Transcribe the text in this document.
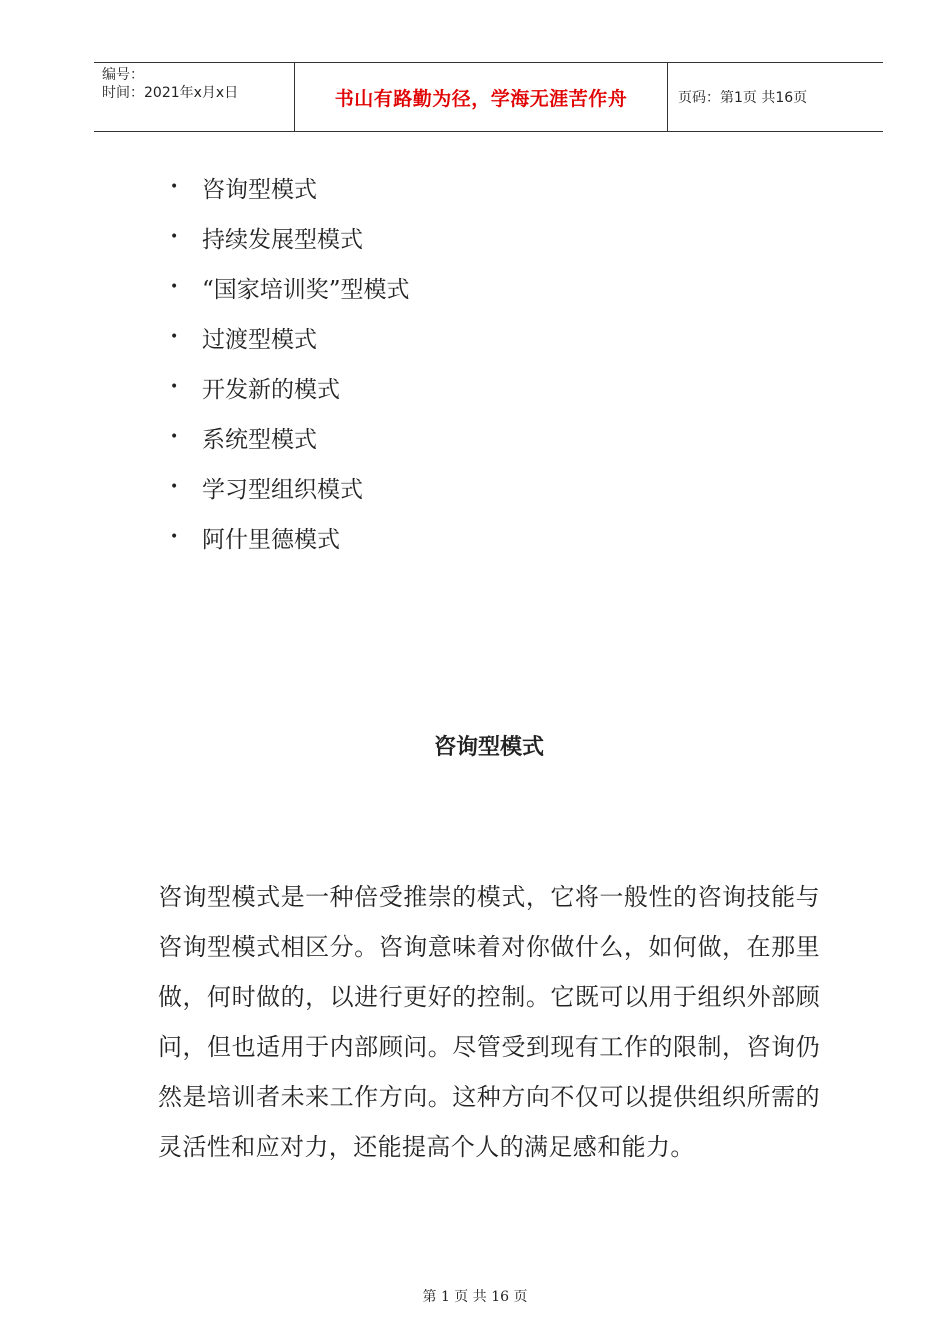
编号：
时间：2021年x月x日	书山有路勤为径，学海无涯苦作舟	页码：第1页 共16页
•	咨询型模式
•	持续发展型模式
•	“国家培训奖”型模式
•	过渡型模式
•	开发新的模式
•	系统型模式
•	学习型组织模式
•	阿什里德模式
咨询型模式
咨询型模式是一种倍受推崇的模式，它将一般性的咨询技能与咨询型模式相区分。咨询意味着对你做什么，如何做，在那里做，何时做的，以进行更好的控制。它既可以用于组织外部顾问，但也适用于内部顾问。尽管受到现有工作的限制，咨询仍然是培训者未来工作方向。这种方向不仅可以提供组织所需的灵活性和应对力，还能提高个人的满足感和能力。
第 1 页 共 16 页
